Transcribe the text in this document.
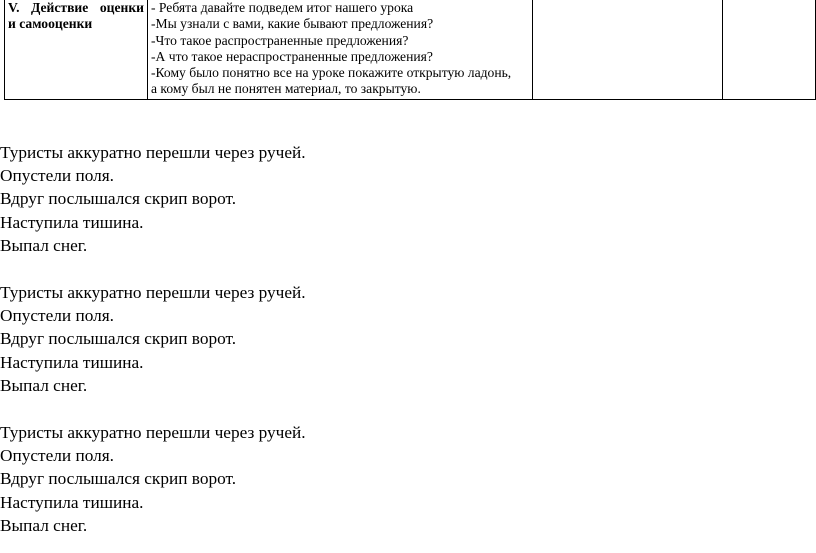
V. Действие оценки
и самооценки

- Ребята давайте подведем итог нашего урока
-Мы узнали с вами, какие бывают предложения?
-Что такое распространенные предложения?
-А что такое нераспространенные предложения?
-Кому было понятно все на уроке покажите открытую ладонь,
а кому был не понятен материал, то закрытую.

Туристы аккуратно перешли через ручей.
Опустели поля.
Вдруг послышался скрип ворот.
Наступила тишина.
Выпал снег.
Туристы аккуратно перешли через ручей.
Опустели поля.
Вдруг послышался скрип ворот.
Наступила тишина.
Выпал снег.
Туристы аккуратно перешли через ручей.
Опустели поля.
Вдруг послышался скрип ворот.
Наступила тишина.
Выпал снег.
